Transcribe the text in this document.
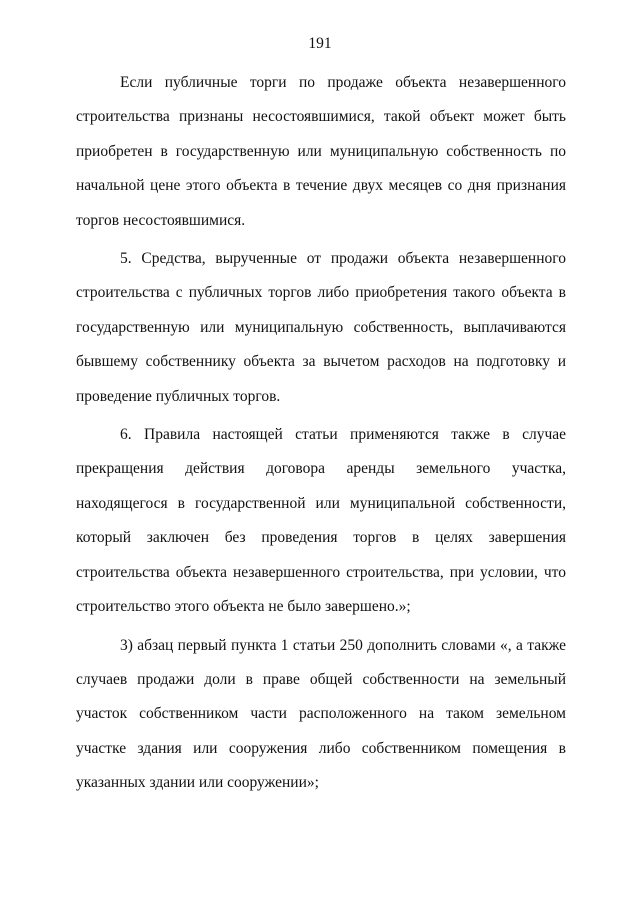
191

Если публичные торги по продаже объекта незавершенного строительства признаны несостоявшимися, такой объект может быть приобретен в государственную или муниципальную собственность по начальной цене этого объекта в течение двух месяцев со дня признания торгов несостоявшимися.

5. Средства, вырученные от продажи объекта незавершенного строительства с публичных торгов либо приобретения такого объекта в государственную или муниципальную собственность, выплачиваются бывшему собственнику объекта за вычетом расходов на подготовку и проведение публичных торгов.

6. Правила настоящей статьи применяются также в случае прекращения действия договора аренды земельного участка, находящегося в государственной или муниципальной собственности, который заключен без проведения торгов в целях завершения строительства объекта незавершенного строительства, при условии, что строительство этого объекта не было завершено.»;

3) абзац первый пункта 1 статьи 250 дополнить словами «, а также случаев продажи доли в праве общей собственности на земельный участок собственником части расположенного на таком земельном участке здания или сооружения либо собственником помещения в указанных здании или сооружении»;
